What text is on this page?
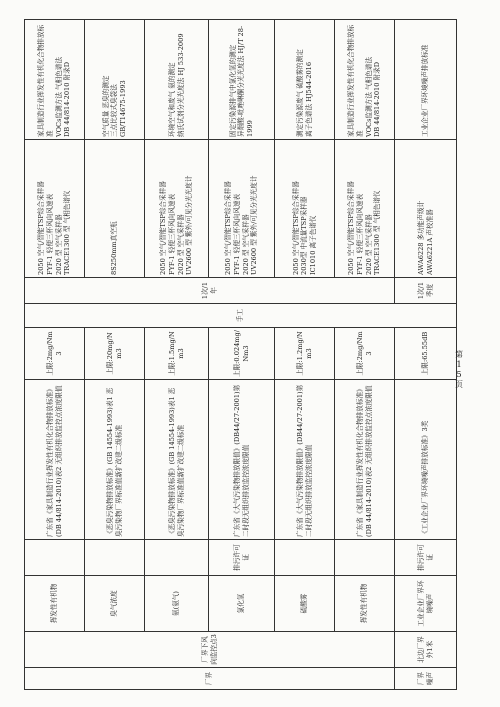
厂界	厂界下风向监控点3	挥发性有机物		广东省《家具制造行业挥发性有机化合物排放标准》(DB 44/814-2010)表2 无组织排放监控点浓度限值	上限:2mg/Nm3	手工	1次/1年	2050 空气/智能TSP综合采样器
FYF-1 轻便三杯风向风速表
2020 型 空气采样器
TRACE1300 型 气相色谱仪	家具制造行业挥发性有机化合物排放标准
VOCs监测方法 气相色谱法
DB 44/814-2010 附录D
		臭气浓度		《恶臭污染物排放标准》(GB 14554-1993)表1 恶臭污染物厂界标准值新扩改建二级标准	上限:20mg/Nm3			8S250mm真空瓶	空气质量 恶臭的测定
三点比较式臭袋法
GB/T14675-1993
		氨(氨气)		《恶臭污染物排放标准》(GB 14554-1993)表1 恶臭污染物厂界标准值新扩改建二级标准	上限:1.5mg/Nm3			2050 空气/智能TSP综合采样器
FYF-1 轻便三杯风向风速表
2020 型 空气采样器
UV2600 型 紫外/可见分光光度计	环境空气和废气 氨的测定
纳氏试剂分光光度法 HJ 533-2009
		氯化氢	排污许可证	广东省《大气污染物排放限值》(DB44/27-2001)第二时段无组织排放监控浓度限值	上限:0.024mg/Nm3			2050 空气/智能TSP综合采样器
FYF-1 轻便三杯风向风速表
2020 型 空气采样器
UV2600 型 紫外/可见分光光度计	固定污染源排气中氯化氢的测定
异烟酸-吡唑啉酮分光光度法 HJ/T 28-1999
		硫酸雾		广东省《大气污染物排放限值》(DB44/27-2001)第二时段无组织排放监控浓度限值	上限:1.2mg/Nm3			2050 空气/智能TSP综合采样器
2030型 中流量TSP采样器
IC1010 离子色谱仪	测定污染源废气 硫酸雾的测定
离子色谱法 HJ544-2016
		挥发性有机物		广东省《家具制造行业挥发性有机化合物排放标准》(DB 44/814-2010)表2 无组织排放监控点浓度限值	上限:2mg/Nm3			2050 空气/智能TSP综合采样器
FYF-1 轻便三杯风向风速表
2020 型 空气采样器
TRACE1300 型 气相色谱仪	家具制造行业挥发性有机化合物排放标准
VOCs监测方法 气相色谱法
DB 44/814-2010 附录D
厂界噪声	北边厂界外1米	工业企业厂界环境噪声	排污许可证	《工业企业厂界环境噪声排放标准》3类	上限:65.55dB		1次/1季度	AWA6228 多功能声级计
AWA6221A 声校准器	工业企业厂界环境噪声排放标准
第
1
5
页
